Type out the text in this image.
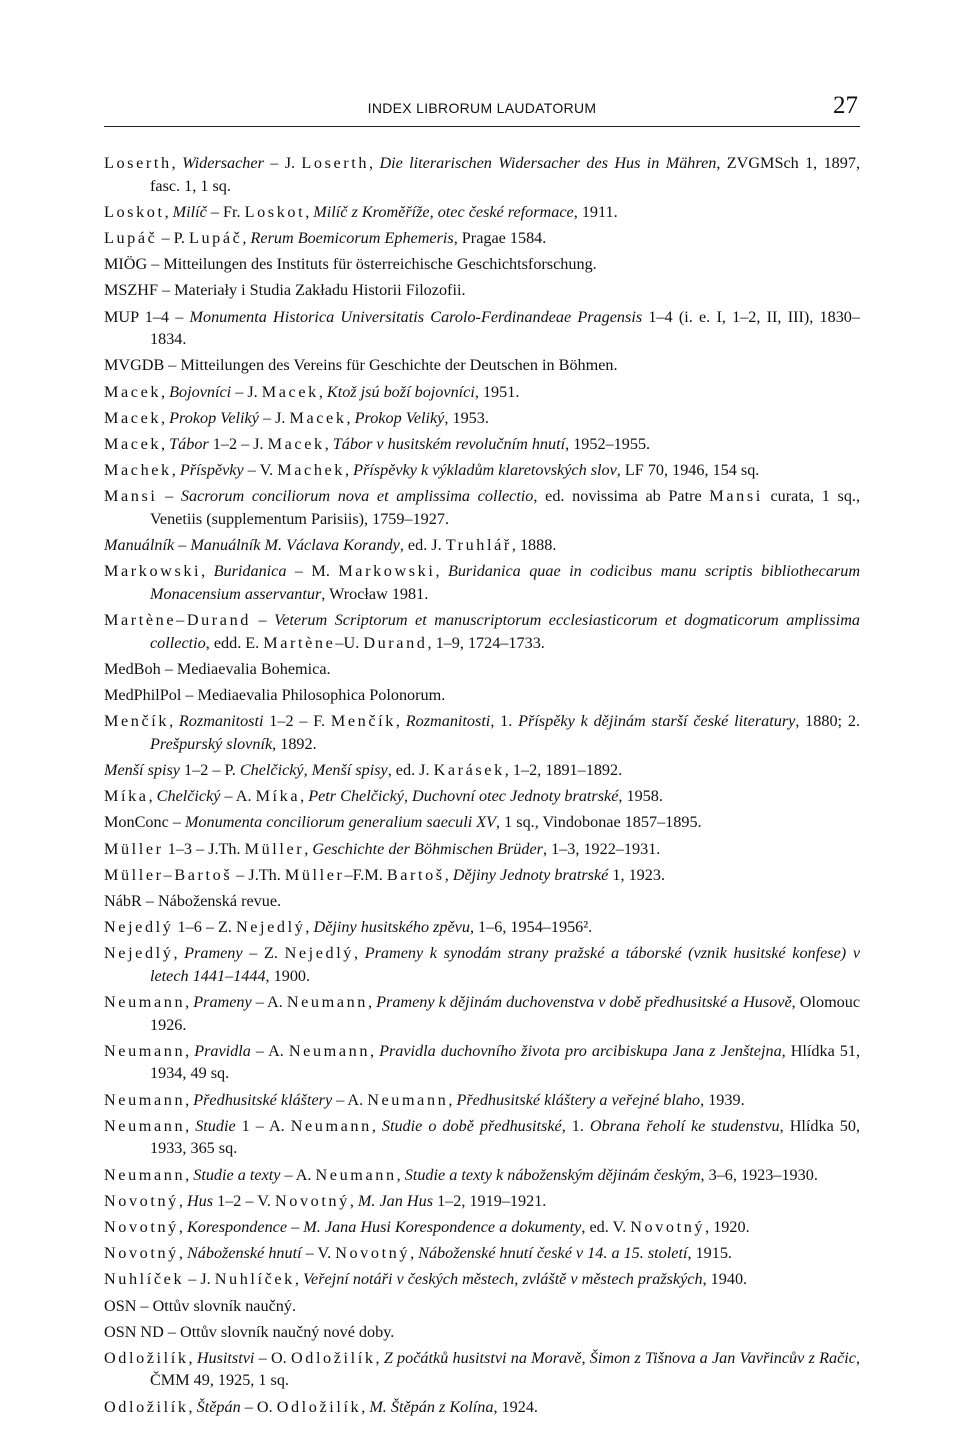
INDEX LIBRORUM LAUDATORUM	27
Loserth, Widersacher – J. Loserth, Die literarischen Widersacher des Hus in Mähren, ZVGMSch 1, 1897, fasc. 1, 1 sq.
Loskot, Milíč – Fr. Loskot, Milíč z Kroměříže, otec české reformace, 1911.
Lupáč – P. Lupáč, Rerum Boemicorum Ephemeris, Pragae 1584.
MIÖG – Mitteilungen des Instituts für österreichische Geschichtsforschung.
MSZHF – Materiały i Studia Zakładu Historii Filozofii.
MUP 1–4 – Monumenta Historica Universitatis Carolo-Ferdinandeae Pragensis 1–4 (i. e. I, 1–2, II, III), 1830–1834.
MVGDB – Mitteilungen des Vereins für Geschichte der Deutschen in Böhmen.
Macek, Bojovníci – J. Macek, Ktož jsú boží bojovníci, 1951.
Macek, Prokop Veliký – J. Macek, Prokop Veliký, 1953.
Macek, Tábor 1–2 – J. Macek, Tábor v husitském revolučním hnutí, 1952–1955.
Machek, Příspěvky – V. Machek, Příspěvky k výkladům klaretovských slov, LF 70, 1946, 154 sq.
Mansi – Sacrorum conciliorum nova et amplissima collectio, ed. novissima ab Patre Mansi curata, 1 sq., Venetiis (supplementum Parisiis), 1759–1927.
Manuálník – Manuálník M. Václava Korandy, ed. J. Truhlář, 1888.
Markowski, Buridanica – M. Markowski, Buridanica quae in codicibus manu scriptis bibliothecarum Monacensium asservantur, Wrocław 1981.
Martène–Durand – Veterum Scriptorum et manuscriptorum ecclesiasticorum et dogmaticorum amplissima collectio, edd. E. Martène–U. Durand, 1–9, 1724–1733.
MedBoh – Mediaevalia Bohemica.
MedPhilPol – Mediaevalia Philosophica Polonorum.
Menčík, Rozmanitosti 1–2 – F. Menčík, Rozmanitosti, 1. Příspěky k dějinám starší české literatury, 1880; 2. Prešpurský slovník, 1892.
Menší spisy 1–2 – P. Chelčický, Menší spisy, ed. J. Karásek, 1–2, 1891–1892.
Míka, Chelčický – A. Míka, Petr Chelčický, Duchovní otec Jednoty bratrské, 1958.
MonConc – Monumenta conciliorum generalium saeculi XV, 1 sq., Vindobonae 1857–1895.
Müller 1–3 – J.Th. Müller, Geschichte der Böhmischen Brüder, 1–3, 1922–1931.
Müller–Bartoš – J.Th. Müller–F.M. Bartoš, Dějiny Jednoty bratrské 1, 1923.
NábR – Náboženská revue.
Nejedlý 1–6 – Z. Nejedlý, Dějiny husitského zpěvu, 1–6, 1954–1956².
Nejedlý, Prameny – Z. Nejedlý, Prameny k synodám strany pražské a táborské (vznik husitské konfese) v letech 1441–1444, 1900.
Neumann, Prameny – A. Neumann, Prameny k dějinám duchovenstva v době předhusitské a Husově, Olomouc 1926.
Neumann, Pravidla – A. Neumann, Pravidla duchovního života pro arcibiskupa Jana z Jenštejna, Hlídka 51, 1934, 49 sq.
Neumann, Předhusitské kláštery – A. Neumann, Předhusitské kláštery a veřejné blaho, 1939.
Neumann, Studie 1 – A. Neumann, Studie o době předhusitské, 1. Obrana řeholí ke studenstvu, Hlídka 50, 1933, 365 sq.
Neumann, Studie a texty – A. Neumann, Studie a texty k náboženským dějinám českým, 3–6, 1923–1930.
Novotný, Hus 1–2 – V. Novotný, M. Jan Hus 1–2, 1919–1921.
Novotný, Korespondence – M. Jana Husi Korespondence a dokumenty, ed. V. Novotný, 1920.
Novotný, Náboženské hnutí – V. Novotný, Náboženské hnutí české v 14. a 15. století, 1915.
Nuhlíček – J. Nuhlíček, Veřejní notáři v českých městech, zvláště v městech pražských, 1940.
OSN – Ottův slovník naučný.
OSN ND – Ottův slovník naučný nové doby.
Odložilík, Husitstvi – O. Odložilík, Z počátků husitstvi na Moravě, Šimon z Tišnova a Jan Vavřincův z Račic, ČMM 49, 1925, 1 sq.
Odložilík, Štěpán – O. Odložilík, M. Štěpán z Kolína, 1924.
